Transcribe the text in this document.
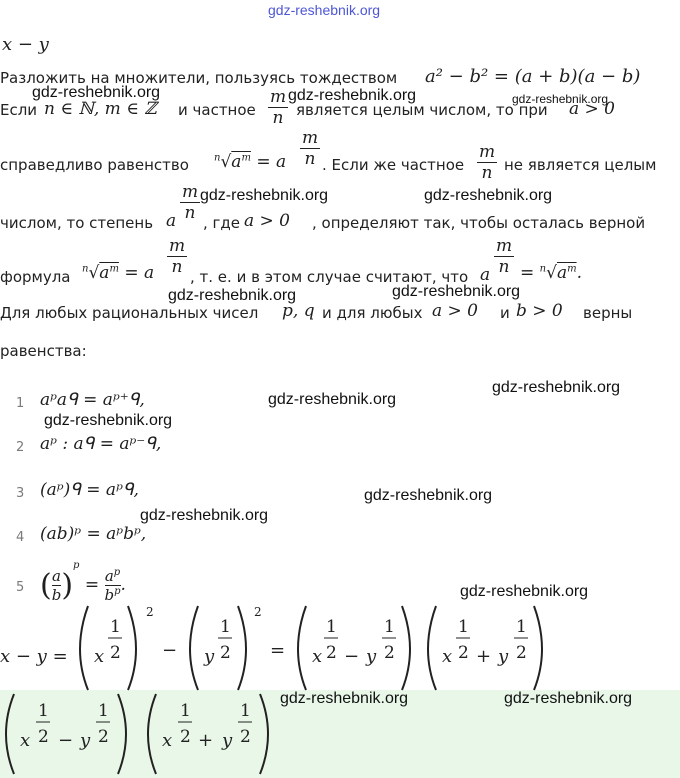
gdz-reshebnik.org
x − y
Разложить на множители, пользуясь тождеством a² − b² = (a + b)(a − b)
Если n ∈ ℕ, m ∈ ℤ и частное
m
n является целым числом, то при a > 0
справедливо равенство	$^n√a^m = a$
m
n . Если же частное
m
n не является целым
числом, то степень a
m
n , где a > 0 , определяют так, чтобы осталась верной
формула $^n√a^m = a$
m
n , т. е. и в этом случае считают, что a
m
$n = ^n√a^m$.
Для любых рациональных чисел p, q и для любых a > 0 и b > 0 верны
равенства:
1 aᵖaᑫ = aᵖ⁺ᑫ,
2 aᵖ : aᑫ = aᵖ⁻ᑫ,
3 (aᵖ)ᑫ = aᵖᑫ,
4 (ab)ᵖ = aᵖbᵖ,
5 ( $\frac{a}{b} )^p = \frac{a^p}{b^p}$ .
x − y = x
1
2
2
− y
1
2
2
= x
1
2 − y
1
2	x
1
2 + y
1
2
x
1
2 − y
1
2	x
1
2 + y
1
2
gdz-reshebnik.org	gdz-reshebnik.org	gdz-reshebnik.org
gdz-reshebnik.org	gdz-reshebnik.org
gdz-reshebnik.org	gdz-reshebnik.org
gdz-reshebnik.org
gdz-reshebnik.org
gdz-reshebnik.org
gdz-reshebnik.org
gdz-reshebnik.org
gdz-reshebnik.org
gdz-reshebnik.org	gdz-reshebnik.org
